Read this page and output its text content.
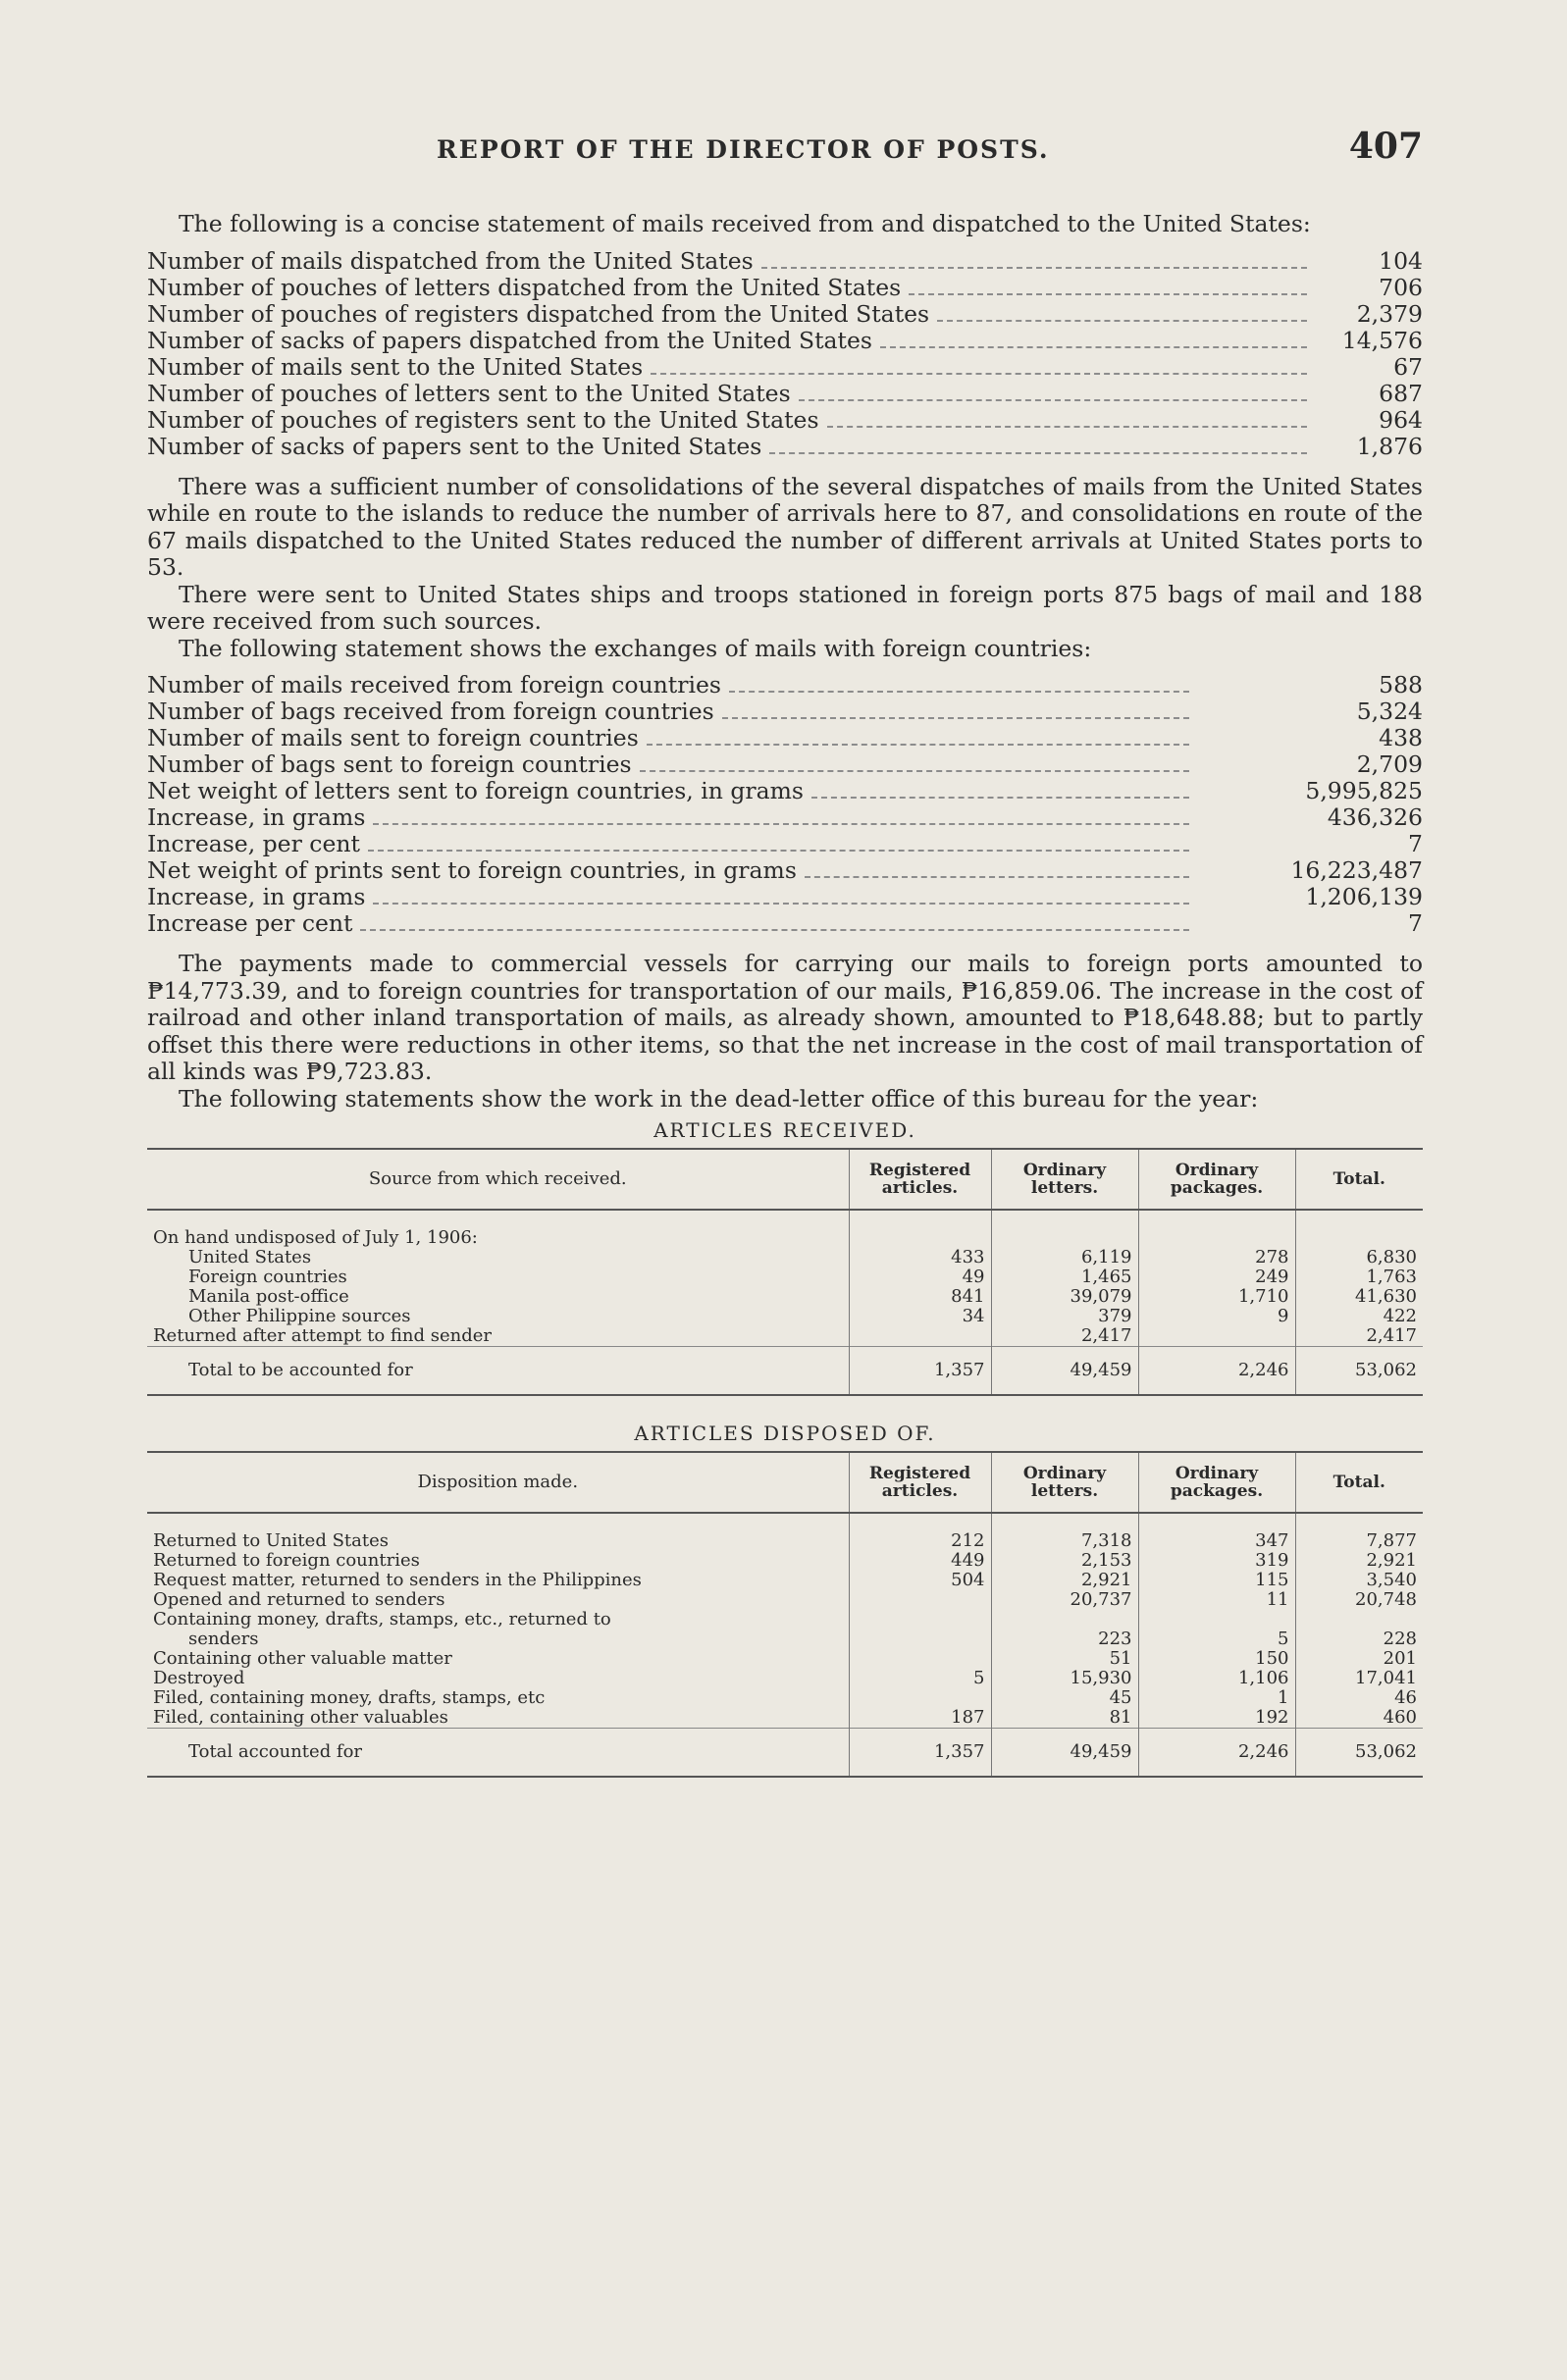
REPORT OF THE DIRECTOR OF POSTS.	407

The following is a concise statement of mails received from and dispatched to the United States:

Number of mails dispatched from the United States	104
Number of pouches of letters dispatched from the United States	706
Number of pouches of registers dispatched from the United States	2,379
Number of sacks of papers dispatched from the United States	14,576
Number of mails sent to the United States	67
Number of pouches of letters sent to the United States	687
Number of pouches of registers sent to the United States	964
Number of sacks of papers sent to the United States	1,876

There was a sufficient number of consolidations of the several dispatches of mails from the United States while en route to the islands to reduce the number of arrivals here to 87, and consolidations en route of the 67 mails dispatched to the United States reduced the number of different arrivals at United States ports to 53.

There were sent to United States ships and troops stationed in foreign ports 875 bags of mail and 188 were received from such sources.

The following statement shows the exchanges of mails with foreign countries:

Number of mails received from foreign countries	588
Number of bags received from foreign countries	5,324
Number of mails sent to foreign countries	438
Number of bags sent to foreign countries	2,709
Net weight of letters sent to foreign countries, in grams	5,995,825
Increase, in grams	436,326
Increase, per cent	7
Net weight of prints sent to foreign countries, in grams	16,223,487
Increase, in grams	1,206,139
Increase per cent	7

The payments made to commercial vessels for carrying our mails to foreign ports amounted to ₱14,773.39, and to foreign countries for transportation of our mails, ₱16,859.06. The increase in the cost of railroad and other inland transportation of mails, as already shown, amounted to ₱18,648.88; but to partly offset this there were reductions in other items, so that the net increase in the cost of mail transportation of all kinds was ₱9,723.83.

The following statements show the work in the dead-letter office of this bureau for the year:

ARTICLES RECEIVED.
Source from which received.	Registered articles.	Ordinary letters.	Ordinary packages.	Total.

On hand undisposed of July 1, 1906:				
United States	433	6,119	278	6,830
Foreign countries	49	1,465	249	1,763
Manila post-office	841	39,079	1,710	41,630
Other Philippine sources	34	379	9	422
Returned after attempt to find sender		2,417		2,417
Total to be accounted for	1,357	49,459	2,246	53,062
ARTICLES DISPOSED OF.
Disposition made.	Registered articles.	Ordinary letters.	Ordinary packages.	Total.

Returned to United States	212	7,318	347	7,877
Returned to foreign countries	449	2,153	319	2,921
Request matter, returned to senders in the Philippines	504	2,921	115	3,540
Opened and returned to senders		20,737	11	20,748
Containing money, drafts, stamps, etc., returned to				
senders		223	5	228
Containing other valuable matter		51	150	201
Destroyed	5	15,930	1,106	17,041
Filed, containing money, drafts, stamps, etc		45	1	46
Filed, containing other valuables	187	81	192	460
Total accounted for	1,357	49,459	2,246	53,062
